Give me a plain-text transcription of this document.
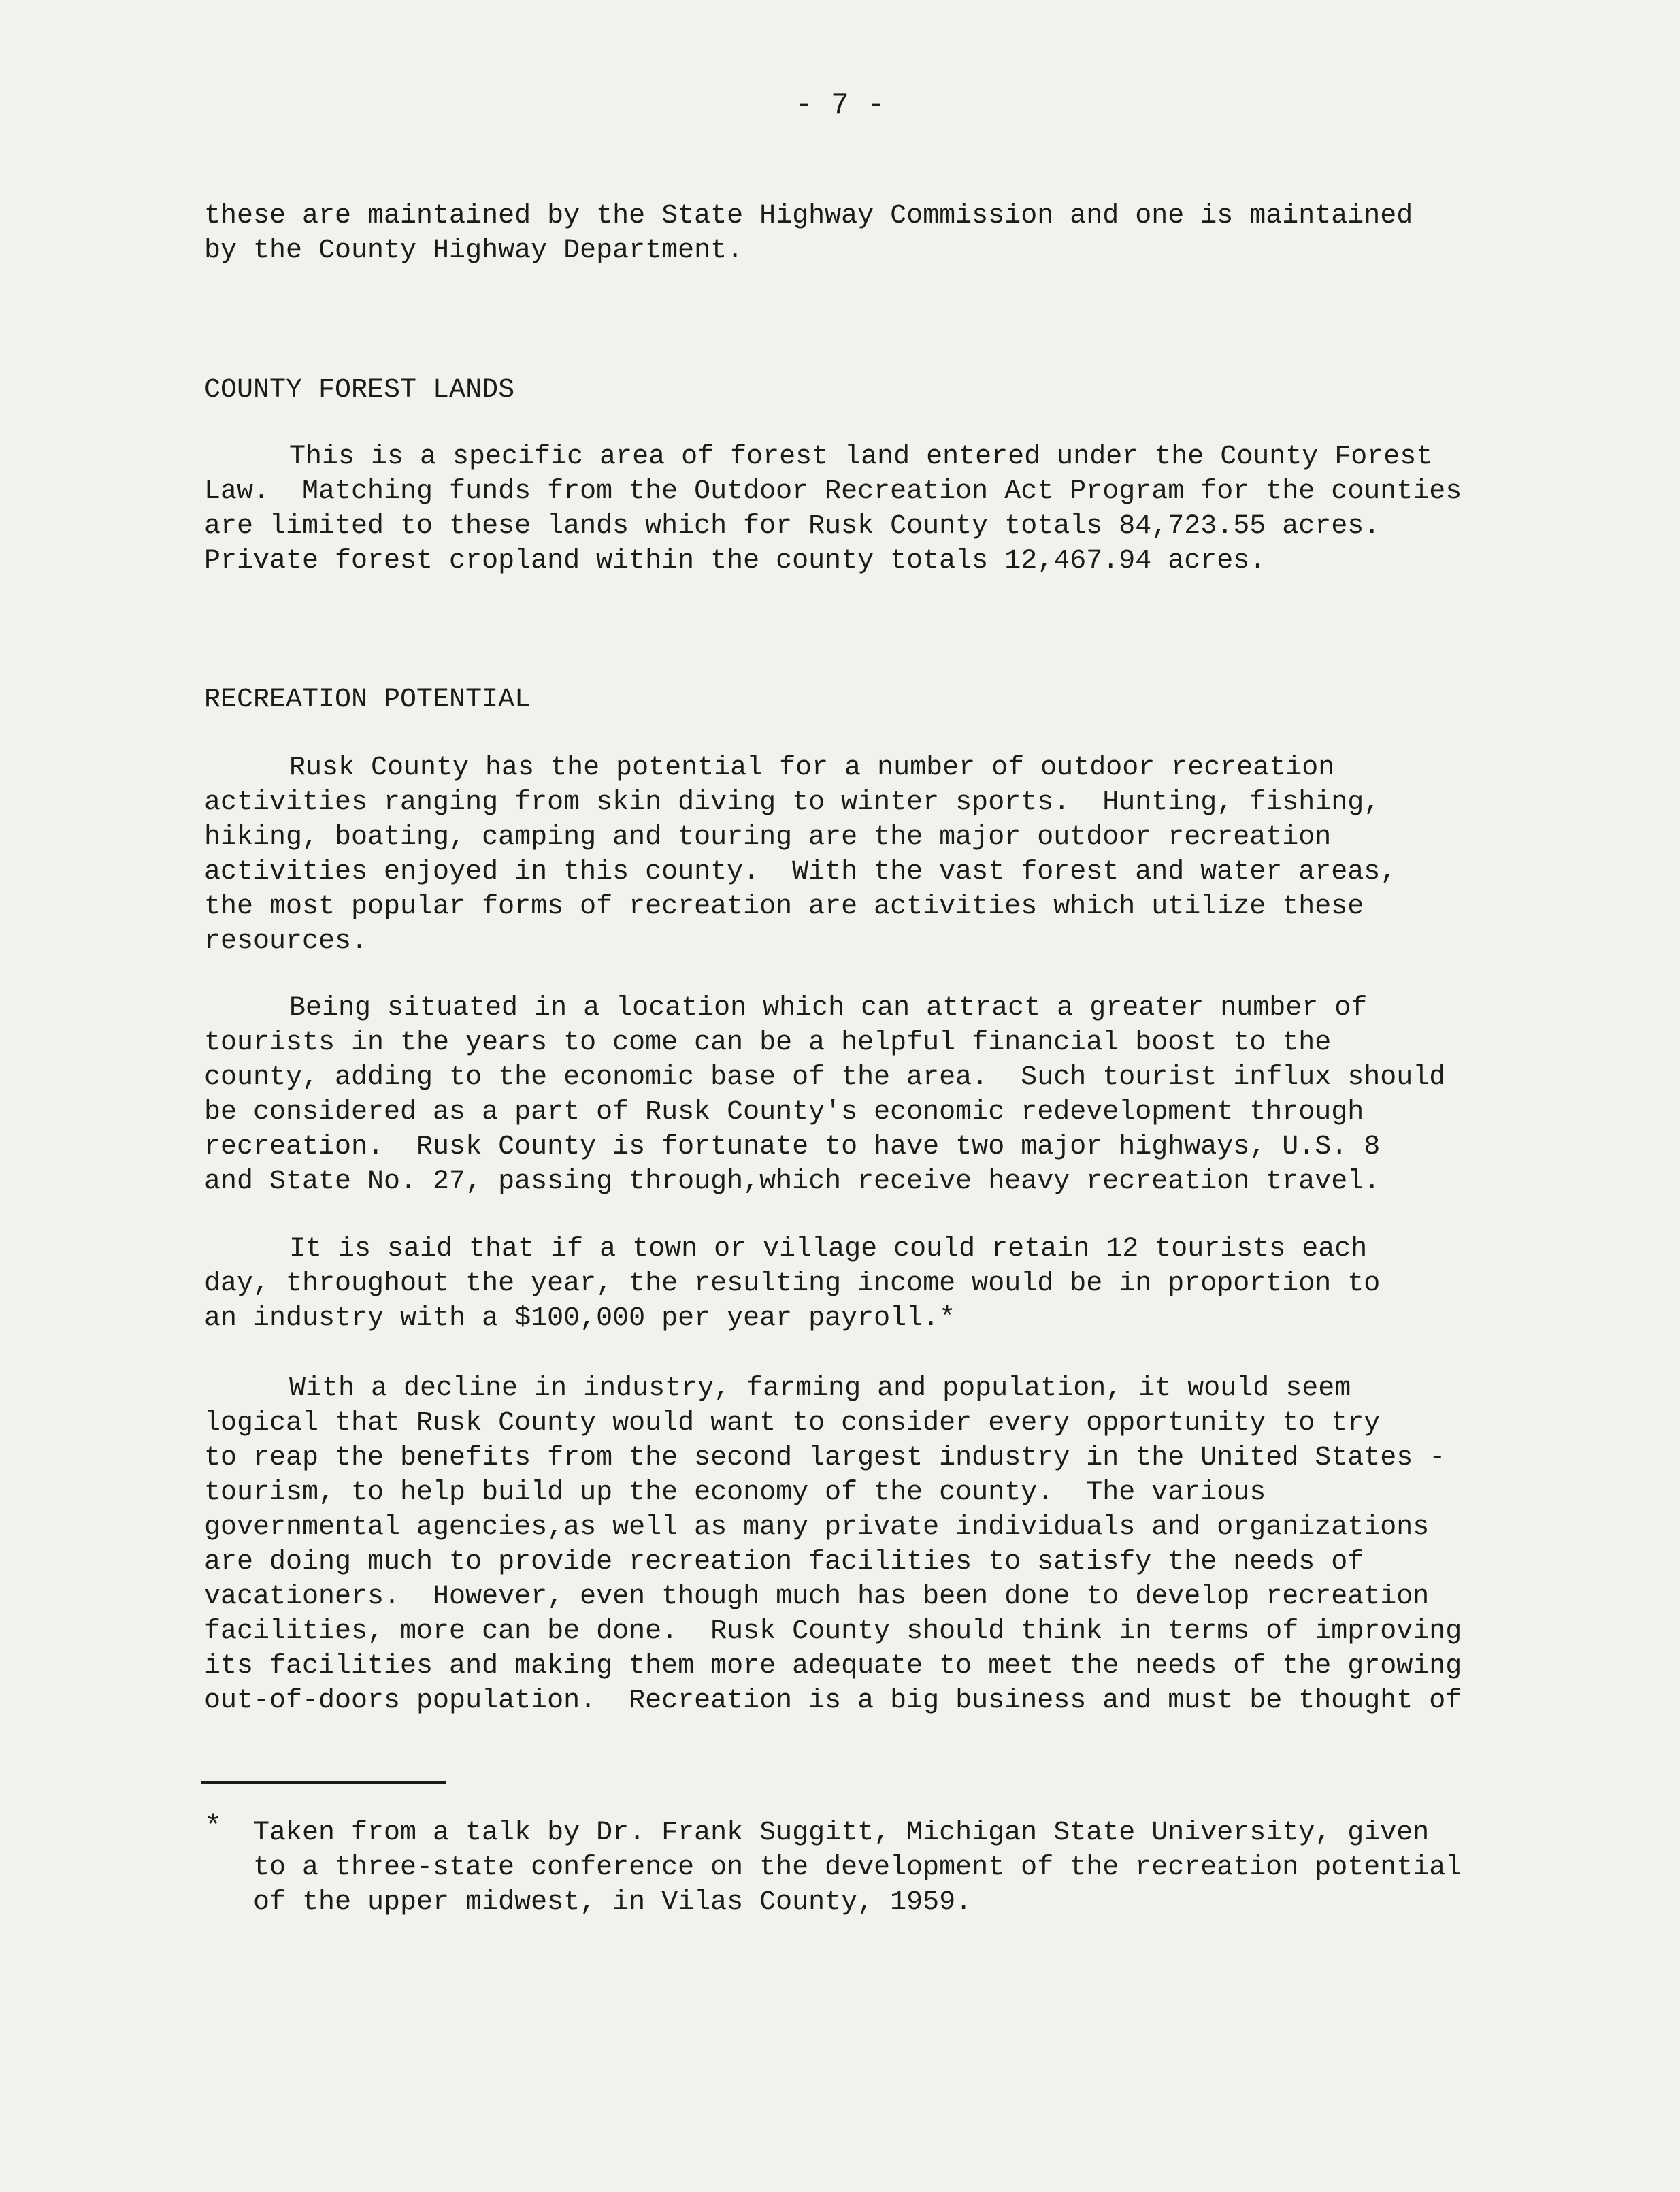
- 7 -

these are maintained by the State Highway Commission and one is maintained
by the County Highway Department.

COUNTY FOREST LANDS

This is a specific area of forest land entered under the County Forest
Law.  Matching funds from the Outdoor Recreation Act Program for the counties
are limited to these lands which for Rusk County totals 84,723.55 acres.
Private forest cropland within the county totals 12,467.94 acres.

RECREATION POTENTIAL

Rusk County has the potential for a number of outdoor recreation
activities ranging from skin diving to winter sports.  Hunting, fishing,
hiking, boating, camping and touring are the major outdoor recreation
activities enjoyed in this county.  With the vast forest and water areas,
the most popular forms of recreation are activities which utilize these
resources.

Being situated in a location which can attract a greater number of
tourists in the years to come can be a helpful financial boost to the
county, adding to the economic base of the area.  Such tourist influx should
be considered as a part of Rusk County's economic redevelopment through
recreation.  Rusk County is fortunate to have two major highways, U.S. 8
and State No. 27, passing through,which receive heavy recreation travel.

It is said that if a town or village could retain 12 tourists each
day, throughout the year, the resulting income would be in proportion to
an industry with a $100,000 per year payroll.*

With a decline in industry, farming and population, it would seem
logical that Rusk County would want to consider every opportunity to try
to reap the benefits from the second largest industry in the United States -
tourism, to help build up the economy of the county.  The various
governmental agencies,as well as many private individuals and organizations
are doing much to provide recreation facilities to satisfy the needs of
vacationers.  However, even though much has been done to develop recreation
facilities, more can be done.  Rusk County should think in terms of improving
its facilities and making them more adequate to meet the needs of the growing
out-of-doors population.  Recreation is a big business and must be thought of

* Taken from a talk by Dr. Frank Suggitt, Michigan State University, given
to a three-state conference on the development of the recreation potential
of the upper midwest, in Vilas County, 1959.
